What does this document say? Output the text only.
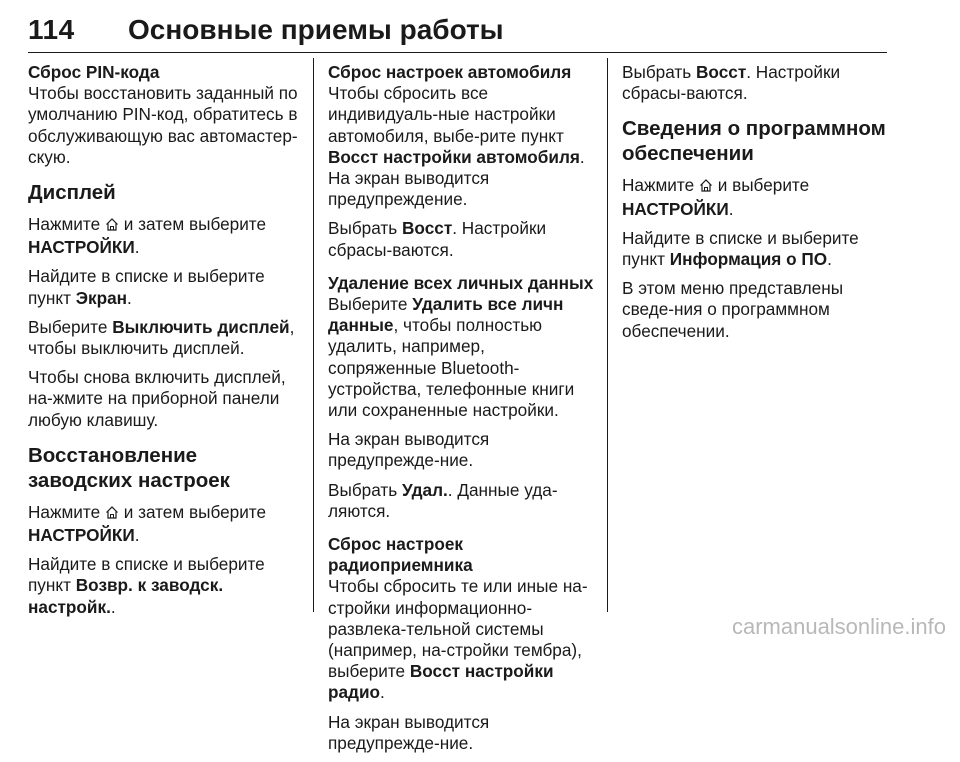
114 Основные приемы работы

Сброс PIN-кода

Чтобы восстановить заданный по умолчанию PIN-код, обратитесь в обслуживающую вас автомастер-скую.

Дисплей

Нажмите и затем выберите
НАСТРОЙКИ.

Найдите в списке и выберите пункт Экран.

Выберите Выключить дисплей, чтобы выключить дисплей.

Чтобы снова включить дисплей, на-жмите на приборной панели любую клавишу.

Восстановление заводских настроек

Нажмите и затем выберите
НАСТРОЙКИ.

Найдите в списке и выберите пункт Возвр. к заводск. настройк..

Сброс настроек автомобиля

Чтобы сбросить все индивидуаль-ные настройки автомобиля, выбе-рите пункт Восст настройки автомобиля. На экран выводится предупреждение.

Выбрать Восст. Настройки сбрасы-ваются.

Удаление всех личных данных

Выберите Удалить все личн данные, чтобы полностью удалить, например, сопряженные Bluetooth-устройства, телефонные книги или сохраненные настройки.

На экран выводится предупрежде-ние.

Выбрать Удал.. Данные уда-ляются.

Сброс настроек радиоприемника

Чтобы сбросить те или иные на-стройки информационно-развлека-тельной системы (например, на-стройки тембра), выберите Восст настройки радио.

На экран выводится предупрежде-ние.

Выбрать Восст. Настройки сбрасы-ваются.

Сведения о программном обеспечении

Нажмите и выберите
НАСТРОЙКИ.

Найдите в списке и выберите пункт Информация о ПО.

В этом меню представлены сведе-ния о программном обеспечении.

carmanualsonline.info
